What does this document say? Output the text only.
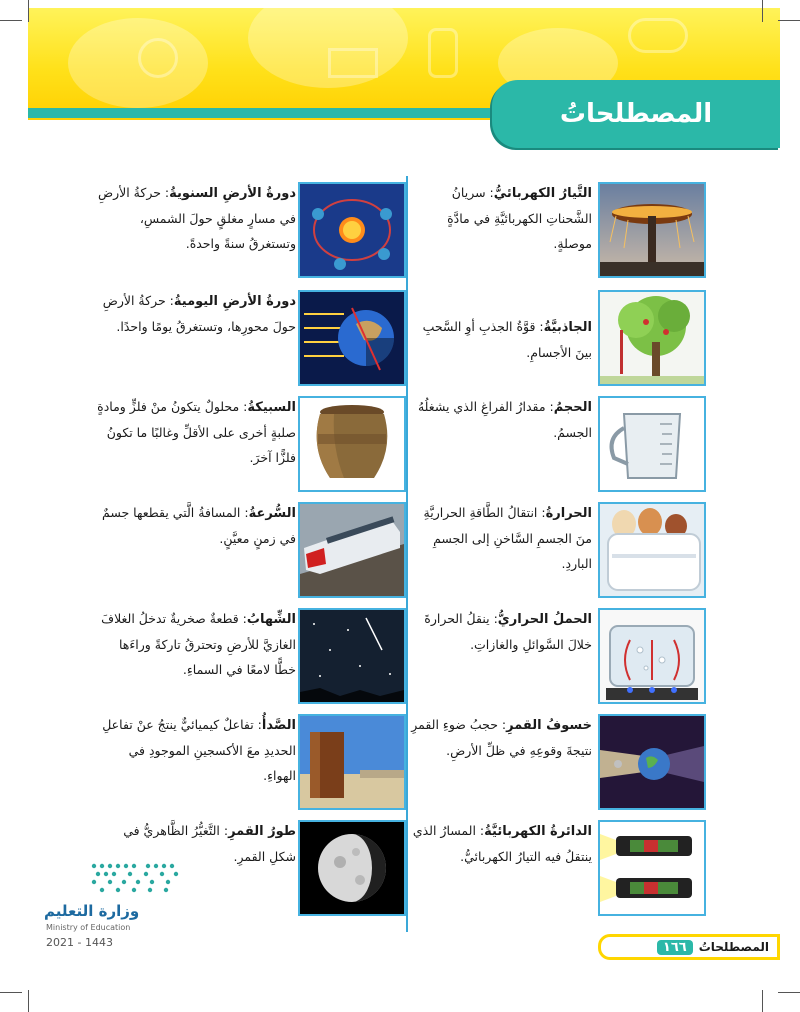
المصطلحاتُ
التَّيارُ الكهربائيُّ: سريانُ الشَّحناتِ الكهربائيَّةِ في مادَّةٍ موصلةٍ.
الجاذبيَّةُ: قوَّةُ الجذبِ أوِ السَّحبِ بينَ الأجسامِ.
الحجمُ: مقدارُ الفراغِ الذي يشغلُهُ الجسمُ.
الحرارةُ: انتقالُ الطَّاقةِ الحراريَّةِ منَ الجسمِ السَّاخنِ إلى الجسمِ الباردِ.
الحملُ الحراريُّ: ينقلُ الحرارةَ خلالَ السَّوائلِ والغازاتِ.
خسوفُ القمرِ: حجبُ ضوءِ القمرِ نتيجةَ وقوعِهِ في ظلِّ الأرضِ.
الدائرةُ الكهربائيَّةُ: المسارُ الذي ينتقلُ فيه التيارُ الكهربائيُّ.
دورةُ الأرضِ السنويةُ: حركةُ الأرضِ في مسارٍ مغلقٍ حولَ الشمسِ، وتستغرقُ سنةً واحدةً.
دورةُ الأرضِ اليوميةُ: حركةُ الأرضِ حولَ محورِها، وتستغرقُ يومًا واحدًا.
السبيكةُ: محلولٌ يتكونُ منْ فلزٍّ ومادةٍ صلبةٍ أخرى على الأقلِّ وغالبًا ما تكونُ فلزًّا آخرَ.
السُّرعةُ: المسافةُ الَّتي يقطعها جسمٌ في زمنٍ معيَّنٍ.
الشِّهابُ: قطعةٌ صخريةٌ تدخلُ الغلافَ الغازيَّ للأرضِ وتحترقُ تاركةً وراءَها خطًّا لامعًا في السماءِ.
الصَّدأُ: تفاعلٌ كيميائيٌّ ينتجُ عنْ تفاعلِ الحديدِ معَ الأكسجينِ الموجودِ في الهواءِ.
طورُ القمرِ: التَّغيُّرُ الظَّاهريُّ في شكلِ القمرِ.
وزارة التعليم
Ministry of Education
2021 - 1443	١٦٦	المصطلحاتُ
